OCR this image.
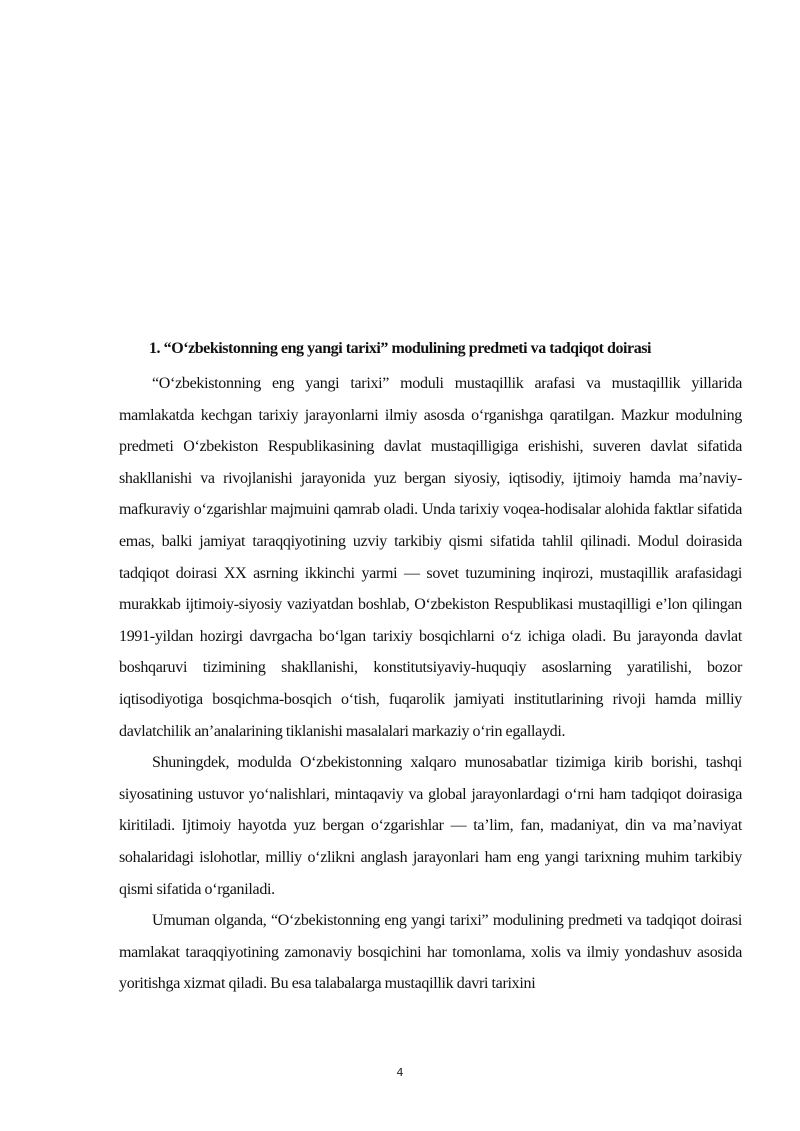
1. “O‘zbekistonning eng yangi tarixi” modulining predmeti va tadqiqot doirasi

“O‘zbekistonning eng yangi tarixi” moduli mustaqillik arafasi va mustaqillik yillarida mamlakatda kechgan tarixiy jarayonlarni ilmiy asosda o‘rganishga qaratilgan. Mazkur modulning predmeti O‘zbekiston Respublikasining davlat mustaqilligiga erishishi, suveren davlat sifatida shakllanishi va rivojlanishi jarayonida yuz bergan siyosiy, iqtisodiy, ijtimoiy hamda ma’naviy-mafkuraviy o‘zgarishlar majmuini qamrab oladi. Unda tarixiy voqea-hodisalar alohida faktlar sifatida emas, balki jamiyat taraqqiyotining uzviy tarkibiy qismi sifatida tahlil qilinadi. Modul doirasida tadqiqot doirasi XX asrning ikkinchi yarmi — sovet tuzumining inqirozi, mustaqillik arafasidagi murakkab ijtimoiy-siyosiy vaziyatdan boshlab, O‘zbekiston Respublikasi mustaqilligi e’lon qilingan 1991-yildan hozirgi davrgacha bo‘lgan tarixiy bosqichlarni o‘z ichiga oladi. Bu jarayonda davlat boshqaruvi tizimining shakllanishi, konstitutsiyaviy-huquqiy asoslarning yaratilishi, bozor iqtisodiyotiga bosqichma-bosqich o‘tish, fuqarolik jamiyati institutlarining rivoji hamda milliy davlatchilik an’analarining tiklanishi masalalari markaziy o‘rin egallaydi.

Shuningdek, modulda O‘zbekistonning xalqaro munosabatlar tizimiga kirib borishi, tashqi siyosatining ustuvor yo‘nalishlari, mintaqaviy va global jarayonlardagi o‘rni ham tadqiqot doirasiga kiritiladi. Ijtimoiy hayotda yuz bergan o‘zgarishlar — ta’lim, fan, madaniyat, din va ma’naviyat sohalaridagi islohotlar, milliy o‘zlikni anglash jarayonlari ham eng yangi tarixning muhim tarkibiy qismi sifatida o‘rganiladi.

Umuman olganda, “O‘zbekistonning eng yangi tarixi” modulining predmeti va tadqiqot doirasi mamlakat taraqqiyotining zamonaviy bosqichini har tomonlama, xolis va ilmiy yondashuv asosida yoritishga xizmat qiladi. Bu esa talabalarga mustaqillik davri tarixini

4
